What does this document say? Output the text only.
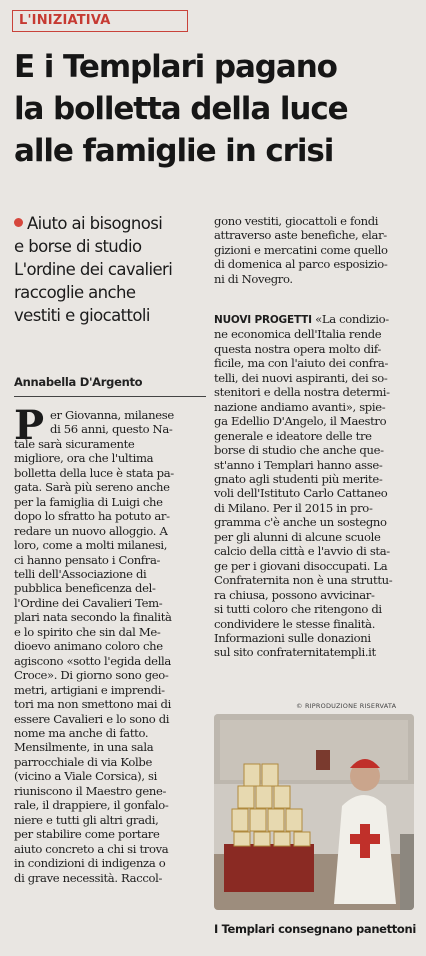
L'INIZIATIVA
E i Templari pagano
la bolletta della luce
alle famiglie in crisi
Aiuto ai bisognosi
e borse di studio
L'ordine dei cavalieri
raccoglie anche
vestiti e giocattoli
Annabella D'Argento
P er Giovanna, milanese
di 56 anni, questo Na-
tale sarà sicuramente
migliore, ora che l'ultima
bolletta della luce è stata pa-
gata. Sarà più sereno anche
per la famiglia di Luigi che
dopo lo sfratto ha potuto ar-
redare un nuovo alloggio. A
loro, come a molti milanesi,
ci hanno pensato i Confra-
telli dell'Associazione di
pubblica beneficenza del-
l'Ordine dei Cavalieri Tem-
plari nata secondo la finalità
e lo spirito che sin dal Me-
dioevo animano coloro che
agiscono «sotto l'egida della
Croce». Di giorno sono geo-
metri, artigiani e imprendi-
tori ma non smettono mai di
essere Cavalieri e lo sono di
nome ma anche di fatto.
Mensilmente, in una sala
parrocchiale di via Kolbe
(vicino a Viale Corsica), si
riuniscono il Maestro gene-
rale, il drappiere, il gonfalo-
niere e tutti gli altri gradi,
per stabilire come portare
aiuto concreto a chi si trova
in condizioni di indigenza o
di grave necessità. Raccol-
gono vestiti, giocattoli e fondi
attraverso aste benefiche, elar-
gizioni e mercatini come quello
di domenica al parco esposizio-
ni di Novegro.
NUOVI PROGETTI «La condizio-
ne economica dell'Italia rende
questa nostra opera molto dif-
ficile, ma con l'aiuto dei confra-
telli, dei nuovi aspiranti, dei so-
stenitori e della nostra determi-
nazione andiamo avanti», spie-
ga Edellio D'Angelo, il Maestro
generale e ideatore delle tre
borse di studio che anche que-
st'anno i Templari hanno asse-
gnato agli studenti più merite-
voli dell'Istituto Carlo Cattaneo
di Milano. Per il 2015 in pro-
gramma c'è anche un sostegno
per gli alunni di alcune scuole
calcio della città e l'avvio di sta-
ge per i giovani disoccupati. La
Confraternita non è una struttu-
ra chiusa, possono avvicinar-
si tutti coloro che ritengono di
condividere le stesse finalità.
Informazioni sulle donazioni
sul sito confraternitatempli.it
© RIPRODUZIONE RISERVATA
I Templari consegnano panettoni
